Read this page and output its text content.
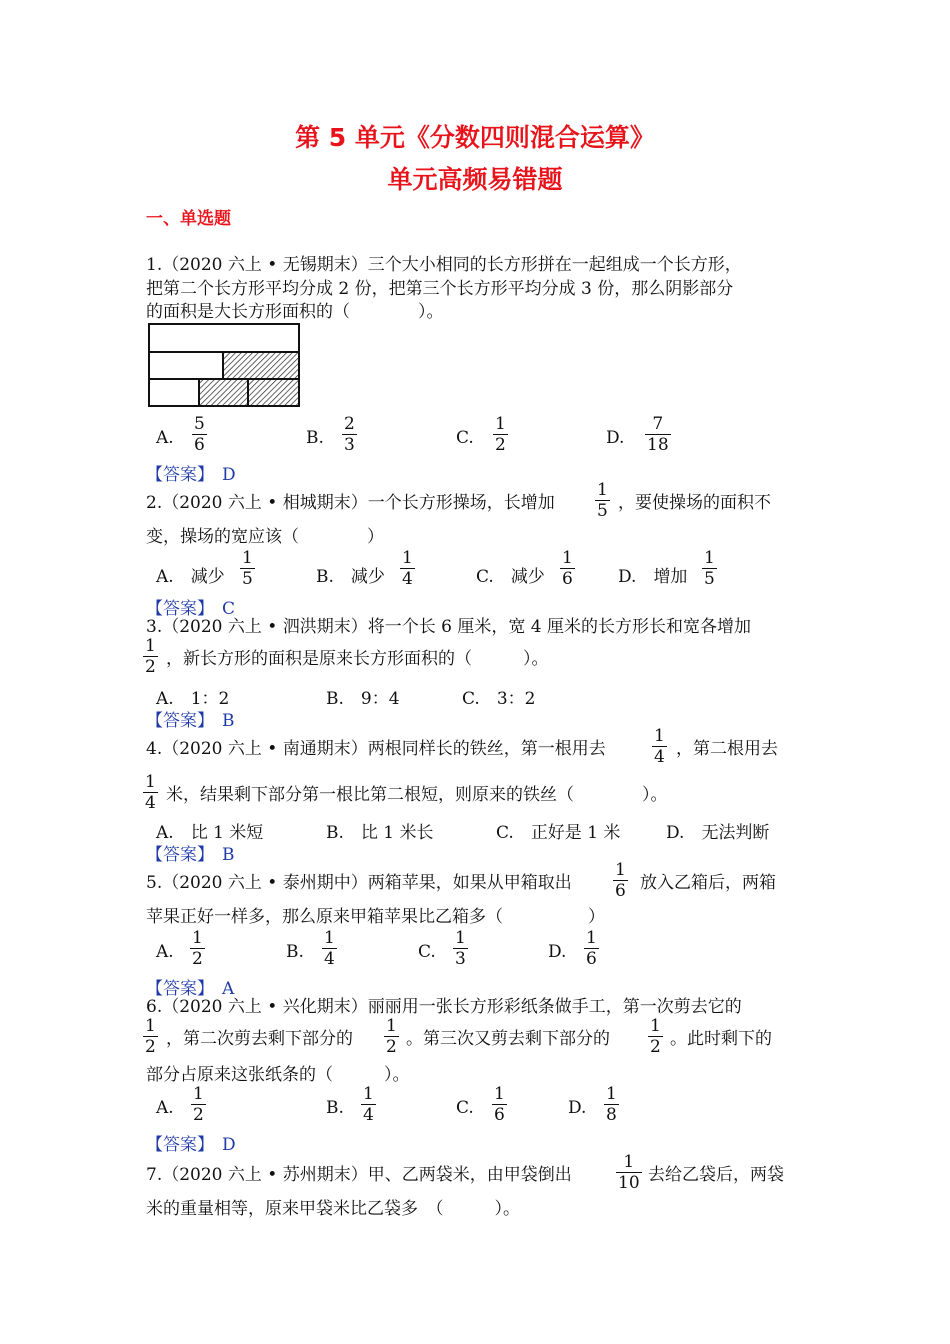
第 5 单元《分数四则混合运算》
单元高频易错题
一、单选题
1.（2020 六上 • 无锡期末）三个大小相同的长方形拼在一起组成一个长方形，
把第二个长方形平均分成 2 份，把第三个长方形平均分成 3 份，那么阴影部分
的面积是大长方形面积的（　　　　）。
A.
5
6	B.
2
3	C.
1
2	D.
7
18
【答案】 D
2.（2020 六上 • 相城期末）一个长方形操场，长增加
1
5 ，要使操场的面积不
变，操场的宽应该（　　　　）
A.　 减少
1
5	B.　 减少
1
4	C.　 减少
1
6	D.　 增加
1
5
【答案】 C
3.（2020 六上 • 泗洪期末）将一个长 6 厘米，宽 4 厘米的长方形长和宽各增加
1
2 ，新长方形的面积是原来长方形面积的（　　　）。
A.　 1：2	B.　 9：4	C.　 3：2
【答案】 B
4.（2020 六上 • 南通期末）两根同样长的铁丝，第一根用去
1
4 ，第二根用去
1
4 米，结果剩下部分第一根比第二根短，则原来的铁丝（　　　　）。
A.　 比 1 米短	B.　 比 1 米长	C.　 正好是 1 米	D.　 无法判断
【答案】 B
5.（2020 六上 • 泰州期中）两箱苹果，如果从甲箱取出
1
6 放入乙箱后，两箱
苹果正好一样多，那么原来甲箱苹果比乙箱多（　　　　　）
A.
1
2	B.
1
4	C.
1
3	D.
1
6
【答案】 A
6.（2020 六上 • 兴化期末）丽丽用一张长方形彩纸条做手工，第一次剪去它的
1
2 ，第二次剪去剩下部分的
1
2 。第三次又剪去剩下部分的
1
2 。此时剩下的
部分占原来这张纸条的（　　　）。
A.
1
2	B.
1
4	C.
1
6	D.
1
8
【答案】 D
7.（2020 六上 • 苏州期末）甲、乙两袋米，由甲袋倒出
1
10 去给乙袋后，两袋
米的重量相等，原来甲袋米比乙袋多　（　　　）。
